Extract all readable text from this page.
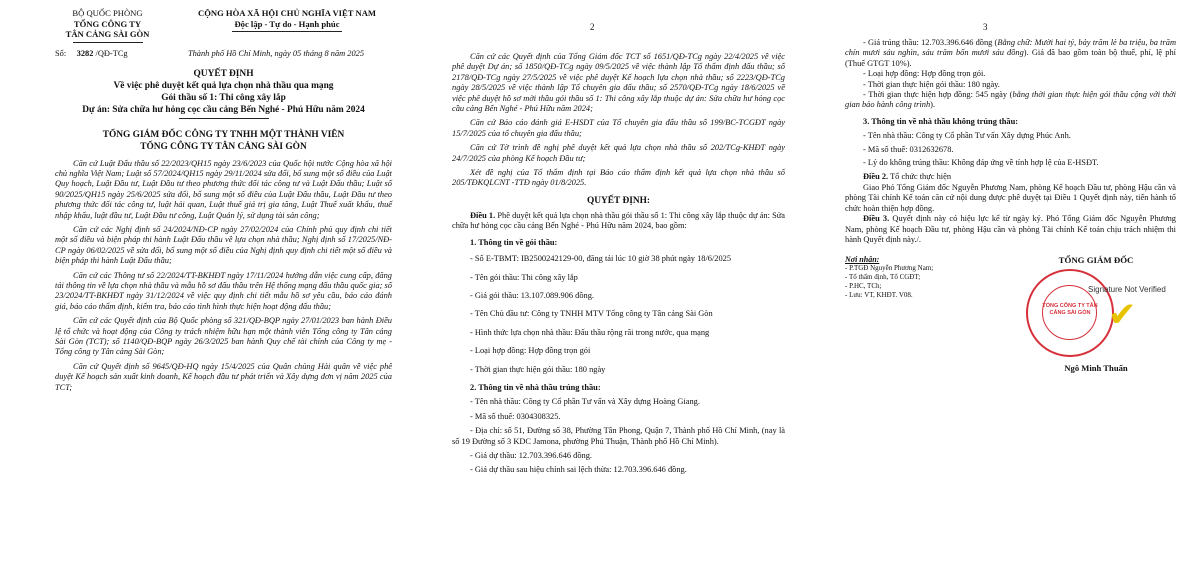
BỘ QUỐC PHÒNG
TỔNG CÔNG TY
TÂN CẢNG SÀI GÒN
CỘNG HÒA XÃ HỘI CHỦ NGHĨA VIỆT NAM
Độc lập - Tự do - Hạnh phúc
Số: 3282 /QĐ-TCg	Thành phố Hồ Chí Minh, ngày 05 tháng 8 năm 2025
QUYẾT ĐỊNH
Về việc phê duyệt kết quả lựa chọn nhà thầu qua mạng
Gói thầu số 1: Thi công xây lắp
Dự án: Sửa chữa hư hỏng cọc cầu cảng Bến Nghé - Phú Hữu năm 2024
TỔNG GIÁM ĐỐC CÔNG TY TNHH MỘT THÀNH VIÊN
TỔNG CÔNG TY TÂN CẢNG SÀI GÒN

Căn cứ Luật Đấu thầu số 22/2023/QH15 ngày 23/6/2023 của Quốc hội nước Cộng hòa xã hội chủ nghĩa Việt Nam; Luật số 57/2024/QH15 ngày 29/11/2024 sửa đổi, bổ sung một số điều của Luật Quy hoạch, Luật Đầu tư, Luật Đầu tư theo phương thức đối tác công tư và Luật Đấu thầu; Luật số 90/2025/QH15 ngày 25/6/2025 sửa đổi, bổ sung một số điều của Luật Đấu thầu, Luật Đầu tư theo phương thức đối tác công tư, luật hải quan, Luật thuế giá trị gia tăng, Luật Thuế xuất khẩu, thuế nhập khẩu, luật đầu tư, Luật Đầu tư công, Luật Quản lý, sử dụng tài sản công;

Căn cứ các Nghị định số 24/2024/NĐ-CP ngày 27/02/2024 của Chính phủ quy định chi tiết một số điều và biện pháp thi hành Luật Đấu thầu về lựa chọn nhà thầu; Nghị định số 17/2025/NĐ-CP ngày 06/02/2025 về sửa đổi, bổ sung một số điều của Nghị định quy định chi tiết một số điều và biện pháp thi hành Luật Đấu thầu;

Căn cứ các Thông tư số 22/2024/TT-BKHĐT ngày 17/11/2024 hướng dẫn việc cung cấp, đăng tải thông tin về lựa chọn nhà thầu và mẫu hồ sơ đấu thầu trên Hệ thống mạng đấu thầu quốc gia; số 23/2024/TT-BKHĐT ngày 31/12/2024 về việc quy định chi tiết mẫu hồ sơ yêu cầu, báo cáo đánh giá, báo cáo thẩm định, kiểm tra, báo cáo tình hình thực hiện hoạt động đấu thầu;

Căn cứ các Quyết định của Bộ Quốc phòng số 321/QĐ-BQP ngày 27/01/2023 ban hành Điều lệ tổ chức và hoạt động của Công ty trách nhiệm hữu hạn một thành viên Tổng công ty Tân cảng Sài Gòn (TCT); số 1140/QĐ-BQP ngày 26/3/2025 ban hành Quy chế tài chính của Công ty mẹ - Tổng công ty Tân cảng Sài Gòn;

Căn cứ Quyết định số 9645/QĐ-HQ ngày 15/4/2025 của Quân chủng Hải quân về việc phê duyệt Kế hoạch sản xuất kinh doanh, Kế hoạch đầu tư phát triển và Xây dựng đơn vị năm 2025 của TCT;

2

Căn cứ các Quyết định của Tổng Giám đốc TCT số 1651/QĐ-TCg ngày 22/4/2025 về việc phê duyệt Dự án; số 1850/QĐ-TCg ngày 09/5/2025 về việc thành lập Tổ thẩm định đấu thầu; số 2178/QĐ-TCg ngày 27/5/2025 về việc phê duyệt Kế hoạch lựa chọn nhà thầu; số 2223/QĐ-TCg ngày 28/5/2025 về việc thành lập Tổ chuyên gia đấu thầu; số 2570/QĐ-TCg ngày 18/6/2025 về việc phê duyệt hồ sơ mời thầu gói thầu số 1: Thi công xây lắp thuộc dự án: Sửa chữa hư hỏng cọc cầu cảng Bến Nghé - Phú Hữu năm 2024;

Căn cứ Báo cáo đánh giá E-HSDT của Tổ chuyên gia đấu thầu số 199/BC-TCGĐT ngày 15/7/2025 của tổ chuyên gia đấu thầu;

Căn cứ Tờ trình đề nghị phê duyệt kết quả lựa chọn nhà thầu số 202/TCg-KHĐT ngày 24/7/2025 của phòng Kế hoạch Đầu tư;

Xét đề nghị của Tổ thẩm định tại Báo cáo thẩm định kết quả lựa chọn nhà thầu số 205/TĐKQLCNT -TTĐ ngày 01/8/2025.

QUYẾT ĐỊNH:

Điều 1. Phê duyệt kết quả lựa chọn nhà thầu gói thầu số 1: Thi công xây lắp thuộc dự án: Sửa chữa hư hỏng cọc cầu cảng Bến Nghé - Phú Hữu năm 2024, bao gồm:

1. Thông tin về gói thầu:

- Số E-TBMT: IB2500242129-00, đăng tải lúc 10 giờ 38 phút ngày 18/6/2025

- Tên gói thầu: Thi công xây lắp

- Giá gói thầu: 13.107.089.906 đồng.

- Tên Chủ đầu tư: Công ty TNHH MTV Tổng công ty Tân cảng Sài Gòn

- Hình thức lựa chọn nhà thầu: Đấu thầu rộng rãi trong nước, qua mạng

- Loại hợp đồng: Hợp đồng trọn gói

- Thời gian thực hiện gói thầu: 180 ngày

2. Thông tin về nhà thầu trúng thầu:

- Tên nhà thầu: Công ty Cổ phần Tư vấn và Xây dựng Hoàng Giang.

- Mã số thuế: 0304308325.

- Địa chỉ: số 51, Đường số 38, Phường Tân Phong, Quận 7, Thành phố Hồ Chí Minh, (nay là số 19 Đường số 3 KDC Jamona, phường Phú Thuận, Thành phố Hồ Chí Minh).

- Giá dự thầu: 12.703.396.646 đồng.

- Giá dự thầu sau hiệu chỉnh sai lệch thừa: 12.703.396.646 đồng.

3

- Giá trúng thầu: 12.703.396.646 đồng (Bằng chữ: Mười hai tỷ, bảy trăm lẻ ba triệu, ba trăm chín mươi sáu nghìn, sáu trăm bốn mươi sáu đồng). Giá đã bao gồm toàn bộ thuế, phí, lệ phí (Thuế GTGT 10%).

- Loại hợp đồng: Hợp đồng trọn gói.

- Thời gian thực hiện gói thầu: 180 ngày.

- Thời gian thực hiện hợp đồng: 545 ngày (bằng thời gian thực hiện gói thầu cộng với thời gian bảo hành công trình).

3. Thông tin về nhà thầu không trúng thầu:

- Tên nhà thầu: Công ty Cổ phần Tư vấn Xây dựng Phúc Anh.

- Mã số thuế: 0312632678.

- Lý do không trúng thầu: Không đáp ứng về tính hợp lệ của E-HSĐT.

Điều 2. Tổ chức thực hiện

Giao Phó Tổng Giám đốc Nguyễn Phương Nam, phòng Kế hoạch Đầu tư, phòng Hậu cần và phòng Tài chính Kế toán căn cứ nội dung được phê duyệt tại Điều 1 Quyết định này, tiến hành tổ chức hoàn thiện hợp đồng.

Điều 3. Quyết định này có hiệu lực kể từ ngày ký. Phó Tổng Giám đốc Nguyễn Phương Nam, phòng Kế hoạch Đầu tư, phòng Hậu cần và phòng Tài chính Kế toán chịu trách nhiệm thi hành Quyết định này./.

Nơi nhận:
- P.TGĐ Nguyễn Phương Nam;
- Tổ thẩm định, Tổ CGĐT;
- P.HC, TCh;
- Lưu: VT, KHĐT. V08.
TỔNG GIÁM ĐỐC
TỔNG CÔNG TY TÂN CẢNG SÀI GÒN
Signature Not Verified
✔
Ngô Minh Thuấn
